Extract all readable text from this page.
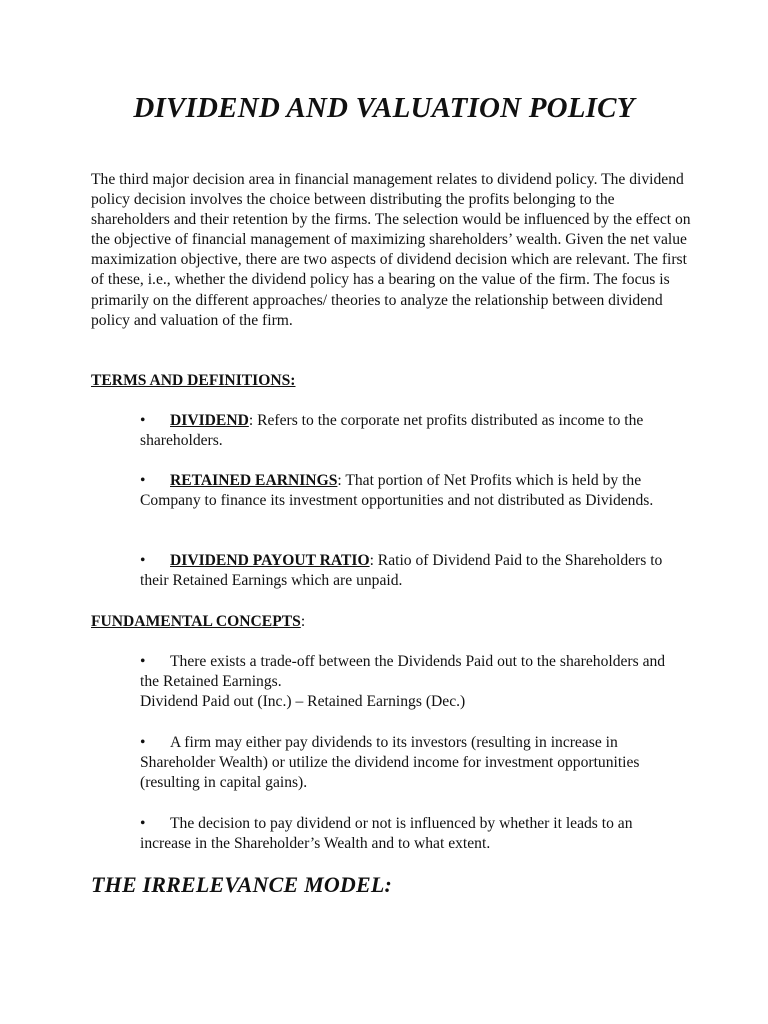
DIVIDEND AND VALUATION POLICY

The third major decision area in financial management relates to dividend policy. The dividend policy decision involves the choice between distributing the profits belonging to the shareholders and their retention by the firms. The selection would be influenced by the effect on the objective of financial management of maximizing shareholders’ wealth. Given the net value maximization objective, there are two aspects of dividend decision which are relevant. The first of these, i.e., whether the dividend policy has a bearing on the value of the firm. The focus is primarily on the different approaches/ theories to analyze the relationship between dividend policy and valuation of the firm.

TERMS AND DEFINITIONS:

• DIVIDEND: Refers to the corporate net profits distributed as income to the shareholders.

• RETAINED EARNINGS: That portion of Net Profits which is held by the Company to finance its investment opportunities and not distributed as Dividends.

• DIVIDEND PAYOUT RATIO: Ratio of Dividend Paid to the Shareholders to their Retained Earnings which are unpaid.

FUNDAMENTAL CONCEPTS:

• There exists a trade-off between the Dividends Paid out to the shareholders and the Retained Earnings.
Dividend Paid out (Inc.) – Retained Earnings (Dec.)

• A firm may either pay dividends to its investors (resulting in increase in Shareholder Wealth) or utilize the dividend income for investment opportunities (resulting in capital gains).

• The decision to pay dividend or not is influenced by whether it leads to an increase in the Shareholder’s Wealth and to what extent.

THE IRRELEVANCE MODEL:
